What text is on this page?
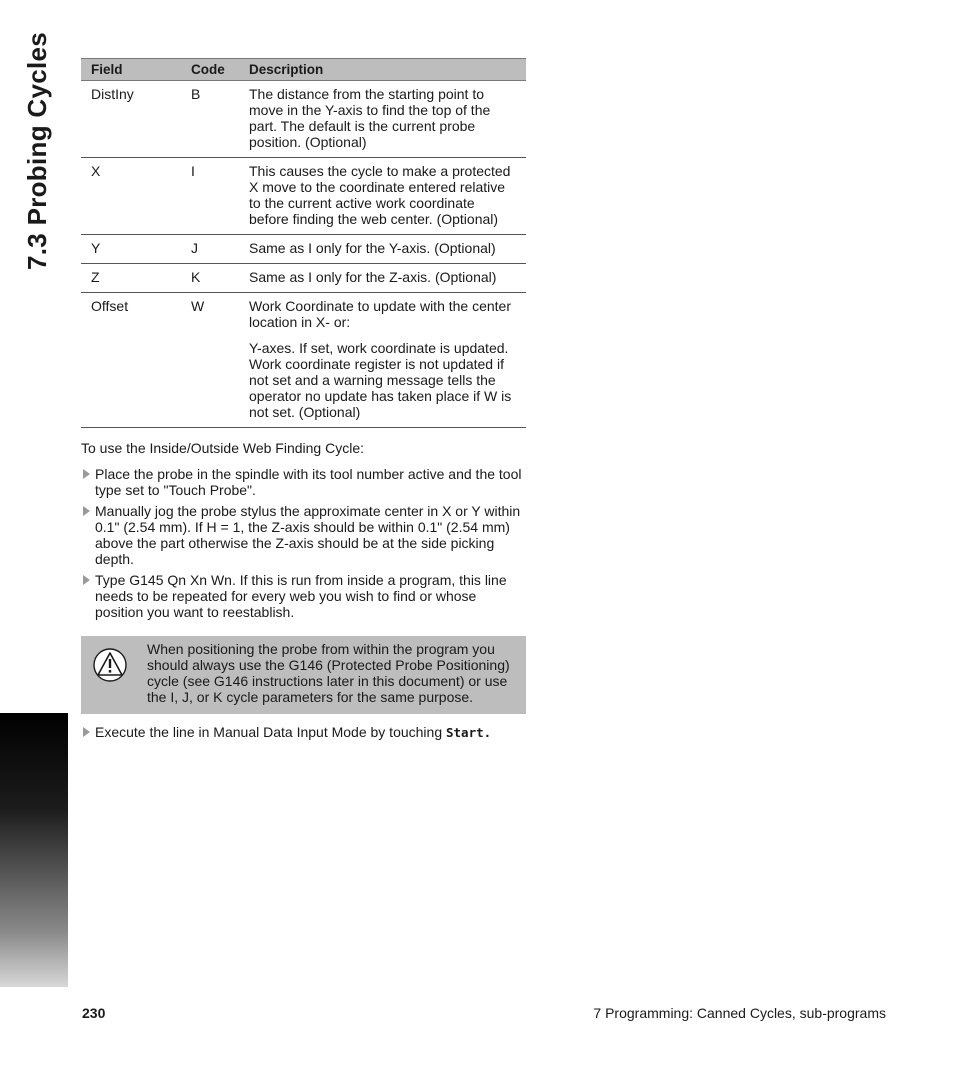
7.3 Probing Cycles	Field	Code	Description
DistIny	B	The distance from the starting point to move in the Y-axis to find the top of the part. The default is the current probe position. (Optional)

X	I	This causes the cycle to make a protected X move to the coordinate entered relative to the current active work coordinate before finding the web center. (Optional)

Y	J	Same as I only for the Y-axis. (Optional)

Z	K	Same as I only for the Z-axis. (Optional)

Offset	W	Work Coordinate to update with the center location in X- or:

Y-axes. If set, work coordinate is updated. Work coordinate register is not updated if not set and a warning message tells the operator no update has taken place if W is not set. (Optional)

To use the Inside/Outside Web Finding Cycle:
Place the probe in the spindle with its tool number active and the tool type set to "Touch Probe".
Manually jog the probe stylus the approximate center in X or Y within 0.1" (2.54 mm). If H = 1, the Z-axis should be within 0.1" (2.54 mm) above the part otherwise the Z-axis should be at the side picking depth.
Type G145 Qn Xn Wn. If this is run from inside a program, this line needs to be repeated for every web you wish to find or whose position you want to reestablish.
When positioning the probe from within the program you should always use the G146 (Protected Probe Positioning) cycle (see G146 instructions later in this document) or use the I, J, or K cycle parameters for the same purpose.
Execute the line in Manual Data Input Mode by touching Start.
230	7 Programming: Canned Cycles, sub-programs
